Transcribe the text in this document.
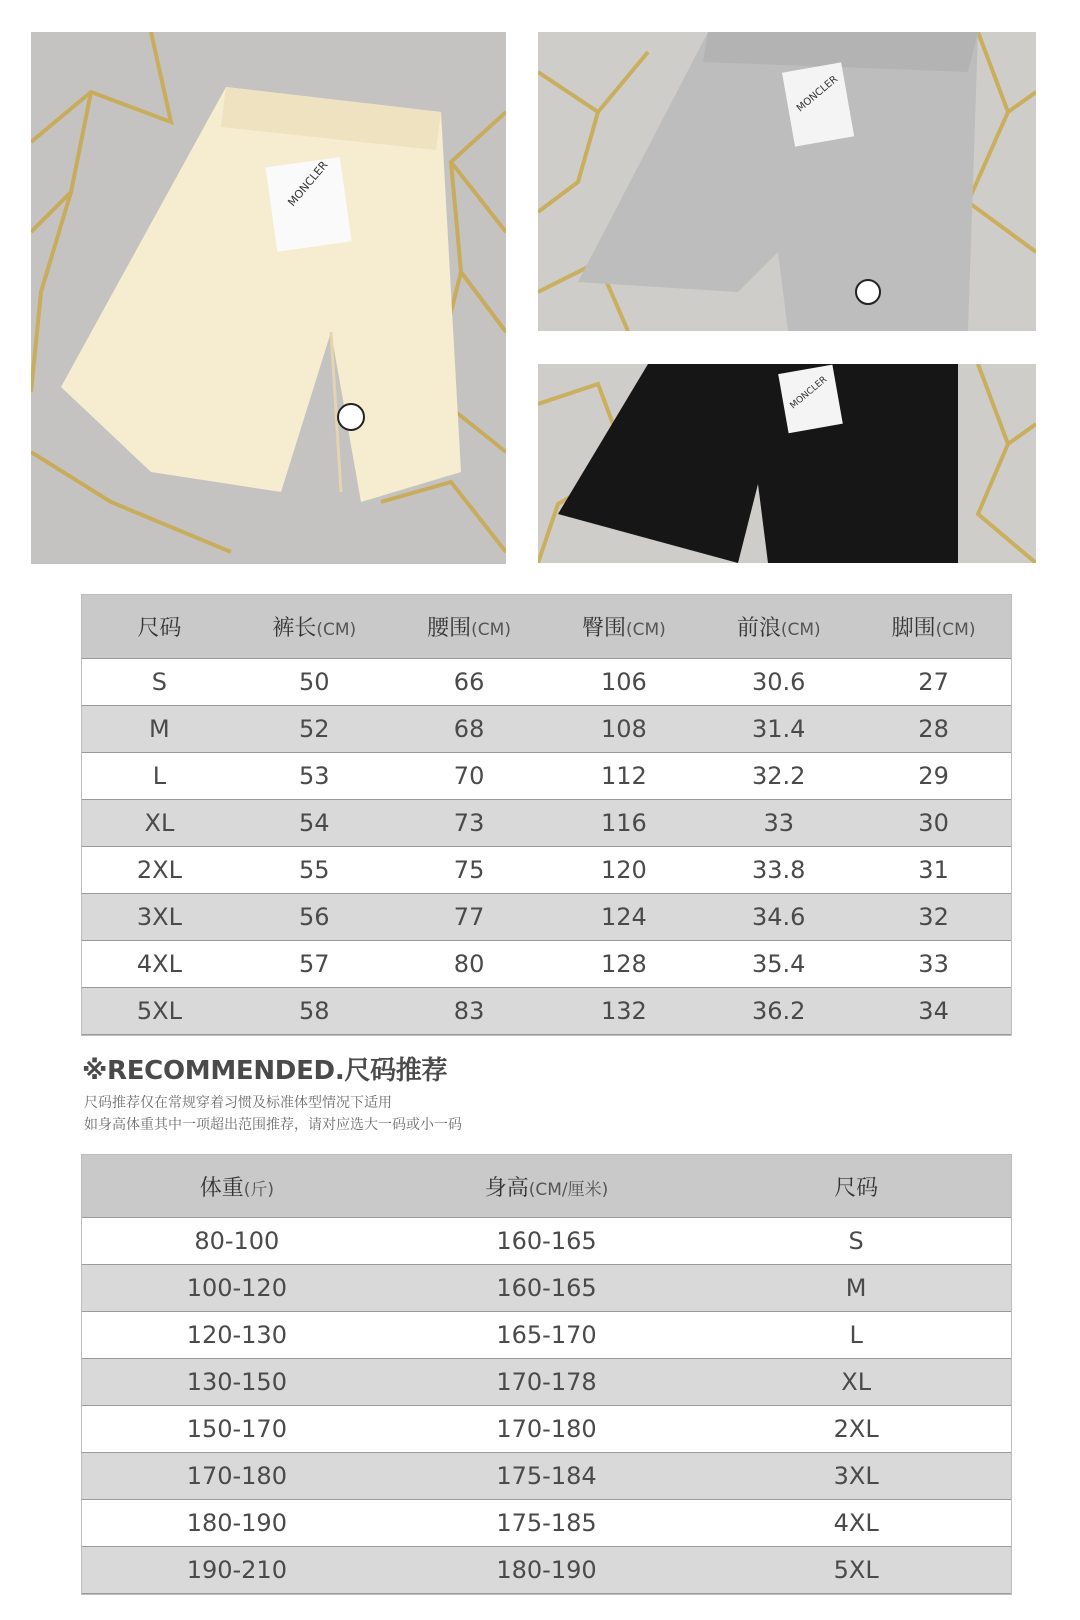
MONCLER
MONCLER
MONCLER
尺码	裤长(CM)	腰围(CM)	臀围(CM)	前浪(CM)	脚围(CM)
S	50	66	106	30.6	27
M	52	68	108	31.4	28
L	53	70	112	32.2	29
XL	54	73	116	33	30
2XL	55	75	120	33.8	31
3XL	56	77	124	34.6	32
4XL	57	80	128	35.4	33
5XL	58	83	132	36.2	34
※RECOMMENDED.尺码推荐
尺码推荐仅在常规穿着习惯及标准体型情况下适用
如身高体重其中一项超出范围推荐，请对应选大一码或小一码
体重(斤)	身高(CM/厘米)	尺码
80-100	160-165	S
100-120	160-165	M
120-130	165-170	L
130-150	170-178	XL
150-170	170-180	2XL
170-180	175-184	3XL
180-190	175-185	4XL
190-210	180-190	5XL
